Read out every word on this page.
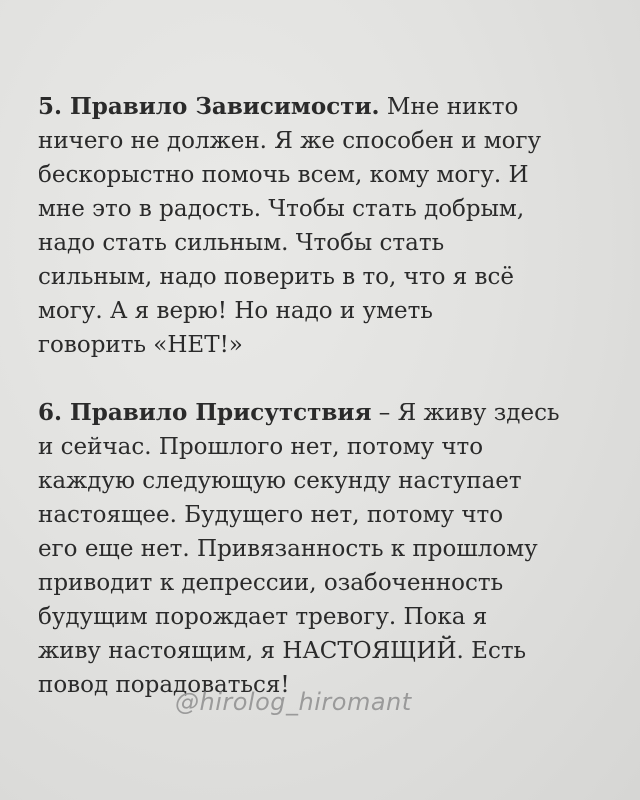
5. Правило Зависимости. Мне никто
ничего не должен. Я же способен и могу
бескорыстно помочь всем, кому могу. И
мне это в радость. Чтобы стать добрым,
надо стать сильным. Чтобы стать
сильным, надо поверить в то, что я всё
могу. А я верю! Но надо и уметь
говорить «НЕТ!»

6. Правило Присутствия – Я живу здесь
и сейчас. Прошлого нет, потому что
каждую следующую секунду наступает
настоящее. Будущего нет, потому что
его еще нет. Привязанность к прошлому
приводит к депрессии, озабоченность
будущим порождает тревогу. Пока я
живу настоящим, я НАСТОЯЩИЙ. Есть
повод порадоваться!

@hirolog_hiromant
